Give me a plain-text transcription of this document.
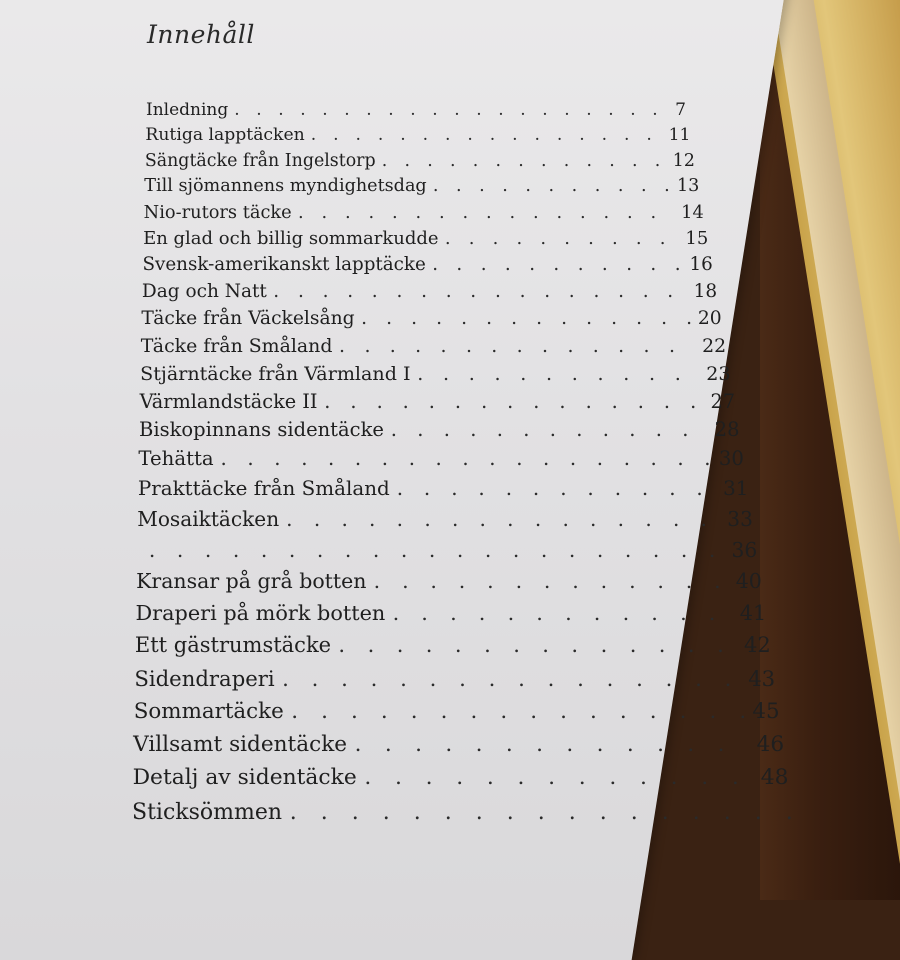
Innehåll
Inledning	7
. . . . . . . . . . . . . . . . . . . .
Rutiga lapptäcken	11
. . . . . . . . . . . . . . . .
Sängtäcke från Ingelstorp	12
. . . . . . . . . . . . .
Till sjömannens myndighetsdag	13
. . . . . . . . . . .
Nio-rutors täcke	14
. . . . . . . . . . . . . . . .
En glad och billig sommarkudde	15
. . . . . . . . . .
Svensk-amerikanskt lapptäcke	16
. . . . . . . . . . .
Dag och Natt	18
. . . . . . . . . . . . . . . . .
Täcke från Väckelsång	20
. . . . . . . . . . . . . .
Täcke från Småland	22
. . . . . . . . . . . . . .
Stjärntäcke från Värmland I	23
. . . . . . . . . . .
Värmlandstäcke II	27
. . . . . . . . . . . . . . .
Biskopinnans sidentäcke	28
. . . . . . . . . . . .
Tehätta	30
. . . . . . . . . . . . . . . . . . .
Prakttäcke från Småland	31
. . . . . . . . . . . .
Mosaiktäcken	33
. . . . . . . . . . . . . . . .
36
. . . . . . . . . . . . . . . . . . . . .
Kransar på grå botten	40
. . . . . . . . . . . . .
Draperi på mörk botten	41
. . . . . . . . . . . .
Ett gästrumstäcke	42
. . . . . . . . . . . . . .
Sidendraperi	43
. . . . . . . . . . . . . . . .
Sommartäcke	45
. . . . . . . . . . . . . . . .
Villsamt sidentäcke	46
. . . . . . . . . . . . .
Detalj av sidentäcke	48
. . . . . . . . . . . . .
Sticksömmen . . . . . . . . . . . . . . . . .
